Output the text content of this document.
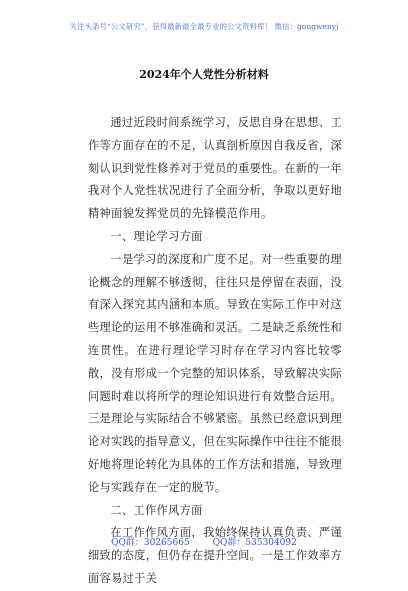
关注头条号“公文研究”，获得最新最全最专业的公文资料库！ 微信：gongwenyj
2024年个人党性分析材料

通过近段时间系统学习，反思自身在思想、工作等方面存在的不足，认真剖析原因自我反省，深刻认识到党性修养对于党员的重要性。在新的一年我对个人党性状况进行了全面分析，争取以更好地精神面貌发挥党员的先锋模范作用。

一、理论学习方面

一是学习的深度和广度不足。对一些重要的理论概念的理解不够透彻，往往只是停留在表面，没有深入探究其内涵和本质。导致在实际工作中对这些理论的运用不够准确和灵活。二是缺乏系统性和连贯性。在进行理论学习时存在学习内容比较零散，没有形成一个完整的知识体系，导致解决实际问题时难以将所学的理论知识进行有效整合运用。三是理论与实际结合不够紧密。虽然已经意识到理论对实践的指导意义，但在实际操作中往往不能很好地将理论转化为具体的工作方法和措施，导致理论与实践存在一定的脱节。

二、工作作风方面

在工作作风方面，我始终保持认真负责、严谨细致的态度，但仍存在提升空间。一是工作效率方面容易过于关

QQ群：30265665 QQ群：535304092
